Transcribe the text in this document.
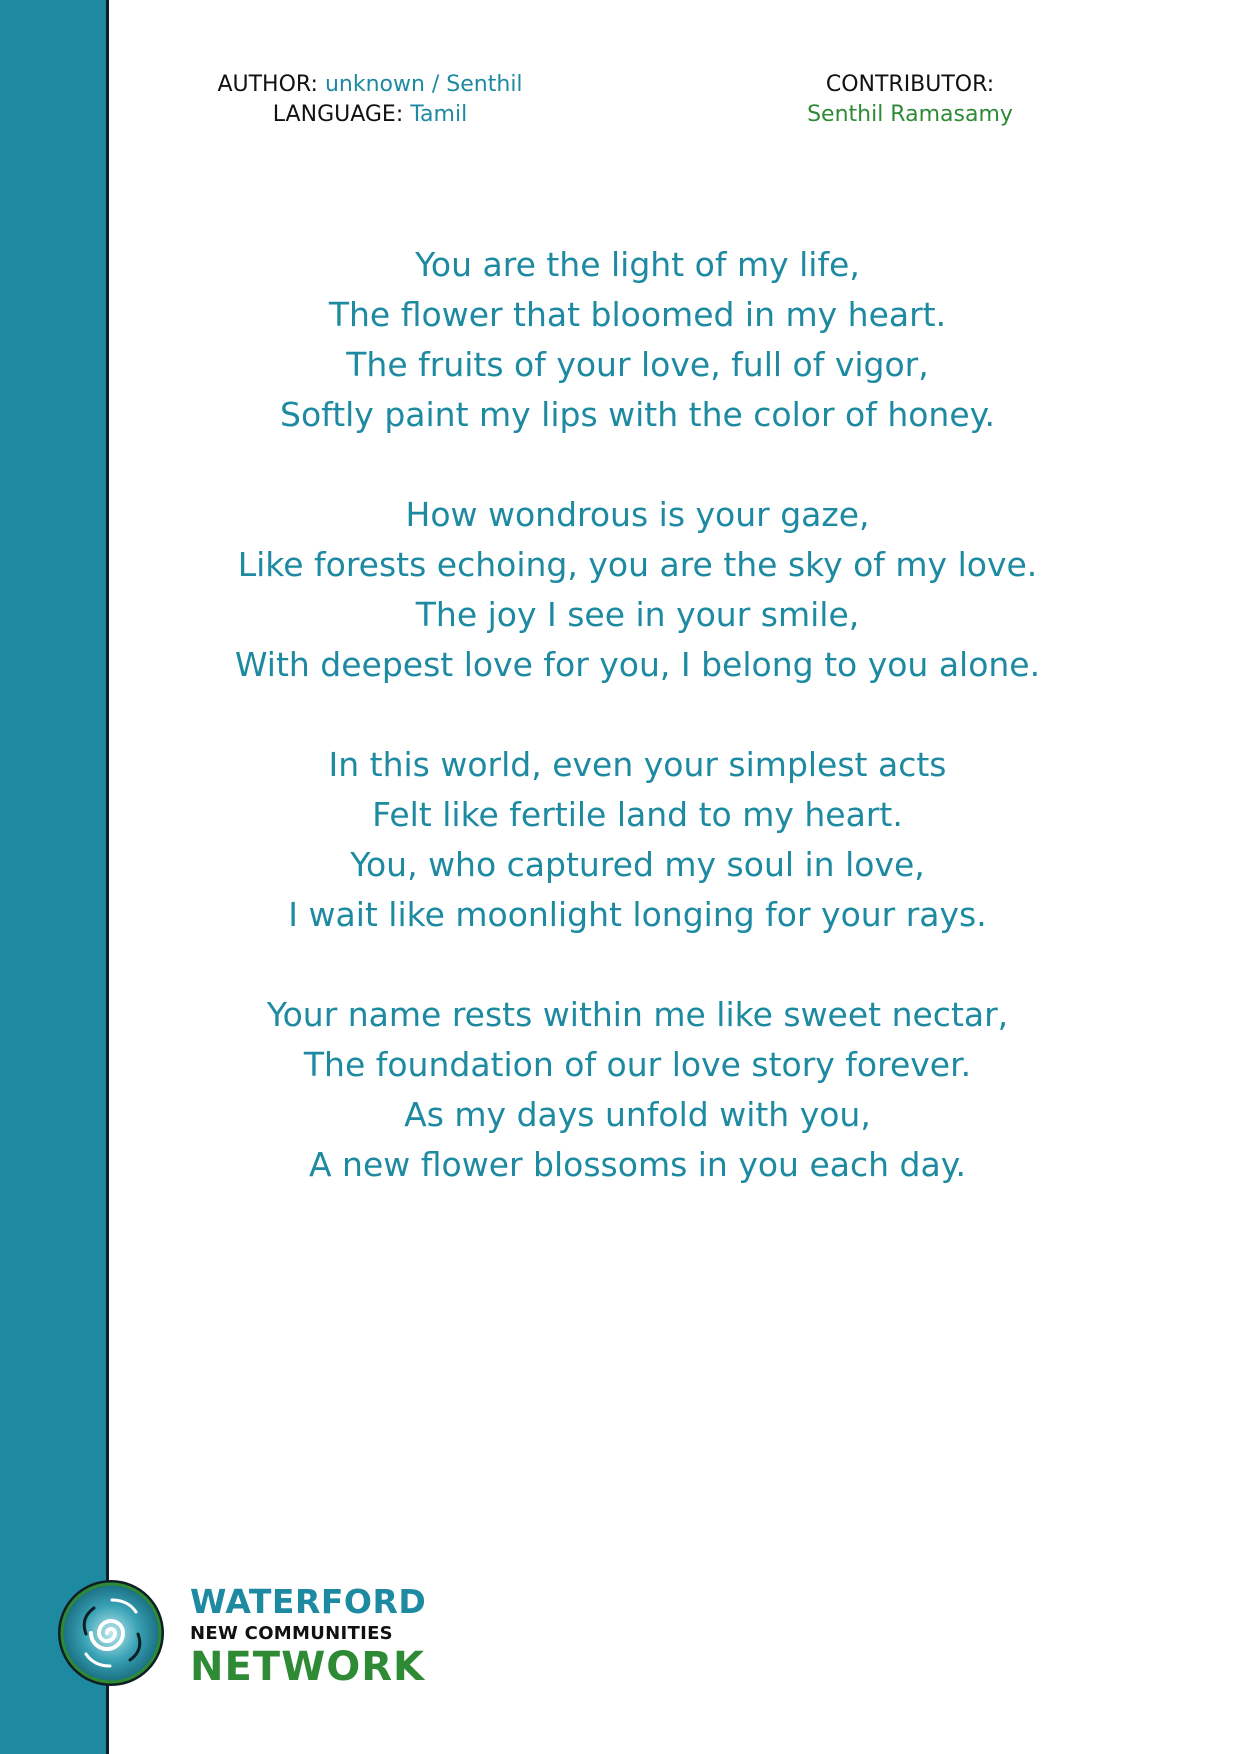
AUTHOR: unknown / Senthil
LANGUAGE: Tamil
CONTRIBUTOR:
Senthil Ramasamy
You are the light of my life,
The flower that bloomed in my heart.
The fruits of your love, full of vigor,
Softly paint my lips with the color of honey.
How wondrous is your gaze,
Like forests echoing, you are the sky of my love.
The joy I see in your smile,
With deepest love for you, I belong to you alone.
In this world, even your simplest acts
Felt like fertile land to my heart.
You, who captured my soul in love,
I wait like moonlight longing for your rays.
Your name rests within me like sweet nectar,
The foundation of our love story forever.
As my days unfold with you,
A new flower blossoms in you each day.
WATERFORD
NEW COMMUNITIES
NETWORK
